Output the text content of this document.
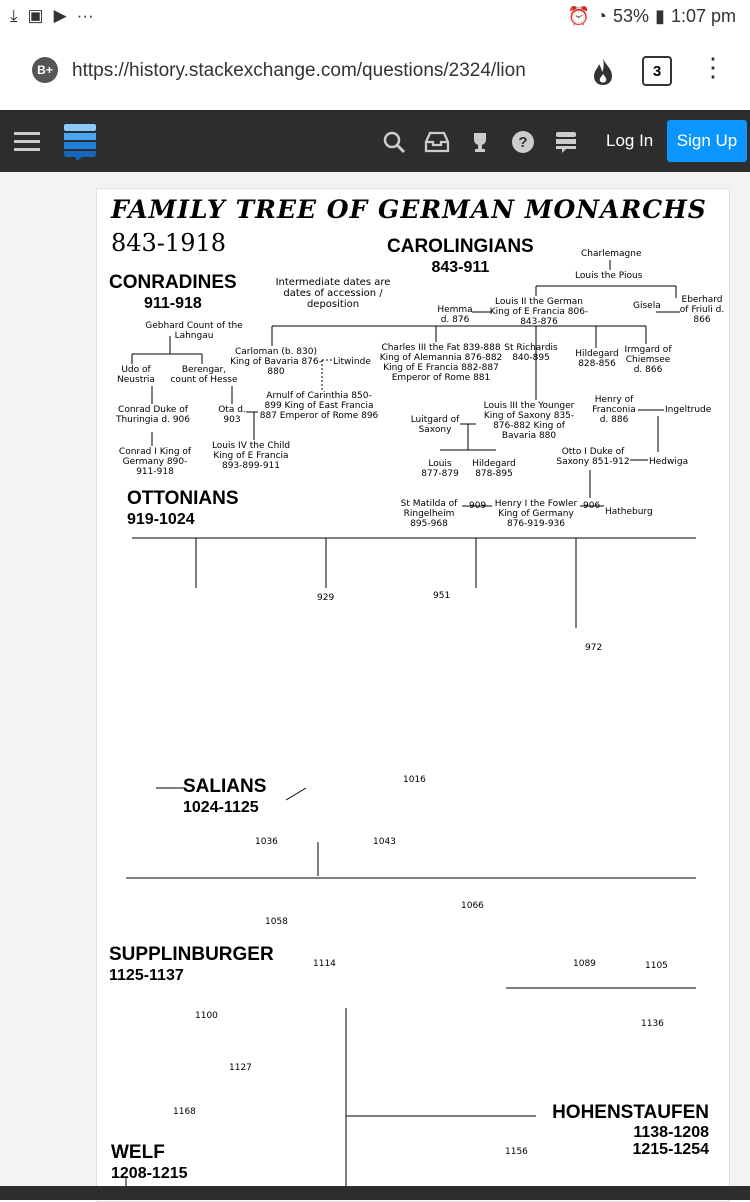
⤓ ▣ ▶ ···	⏰ ◔ 53% ▮ 1:07 pm
B+ https://history.stackexchange.com/questions/2324/lion	3	⋮
?	Log In	Sign Up
FAMILY TREE OF GERMAN MONARCHS
843-1918	CAROLINGIANS
843-911
CONRADINES
911-918
OTTONIANS
919-1024
SALIANS
1024-1125
SUPPLINBURGER
1125-1137
HOHENSTAUFEN
1138-1208 1215-1254
WELF
1208-1215
Intermediate dates are dates of accession / deposition
Charlemagne
Louis the Pious
Hemma d. 876
Louis II the German King of E Francia 806-843-876
Gisela
Eberhard of Friuli d. 866
Gebhard Count of the Lahngau
Udo of Neustria
Berengar, count of Hesse
Carloman (b. 830) King of Bavaria 876-880
Litwinde
Charles III the Fat 839-888 King of Alemannia 876-882 King of E Francia 882-887 Emperor of Rome 881
St Richardis 840-895	Hildegard 828-856
Irmgard of Chiemsee d. 866
Conrad Duke of Thuringia d. 906
Ota d. 903
Arnulf of Carinthia 850-899 King of East Francia 887 Emperor of Rome 896
Louis III the Younger King of Saxony 835-876-882 King of Bavaria 880
Henry of Franconia d. 886
Ingeltrude
Conrad I King of Germany 890-911-918
Louis IV the Child King of E Francia 893-899-911
Luitgard of Saxony
Louis 877-879
Hildegard 878-895
Otto I Duke of Saxony 851-912 Hedwiga
St Matilda of Ringelheim 895-968
Henry I the Fowler King of Germany 876-919-936
Hatheburg
909	906
929	951
972
1016
1036	1043
1058
1066
1089	1105
1114
1100
1127
1136
1168
1156
